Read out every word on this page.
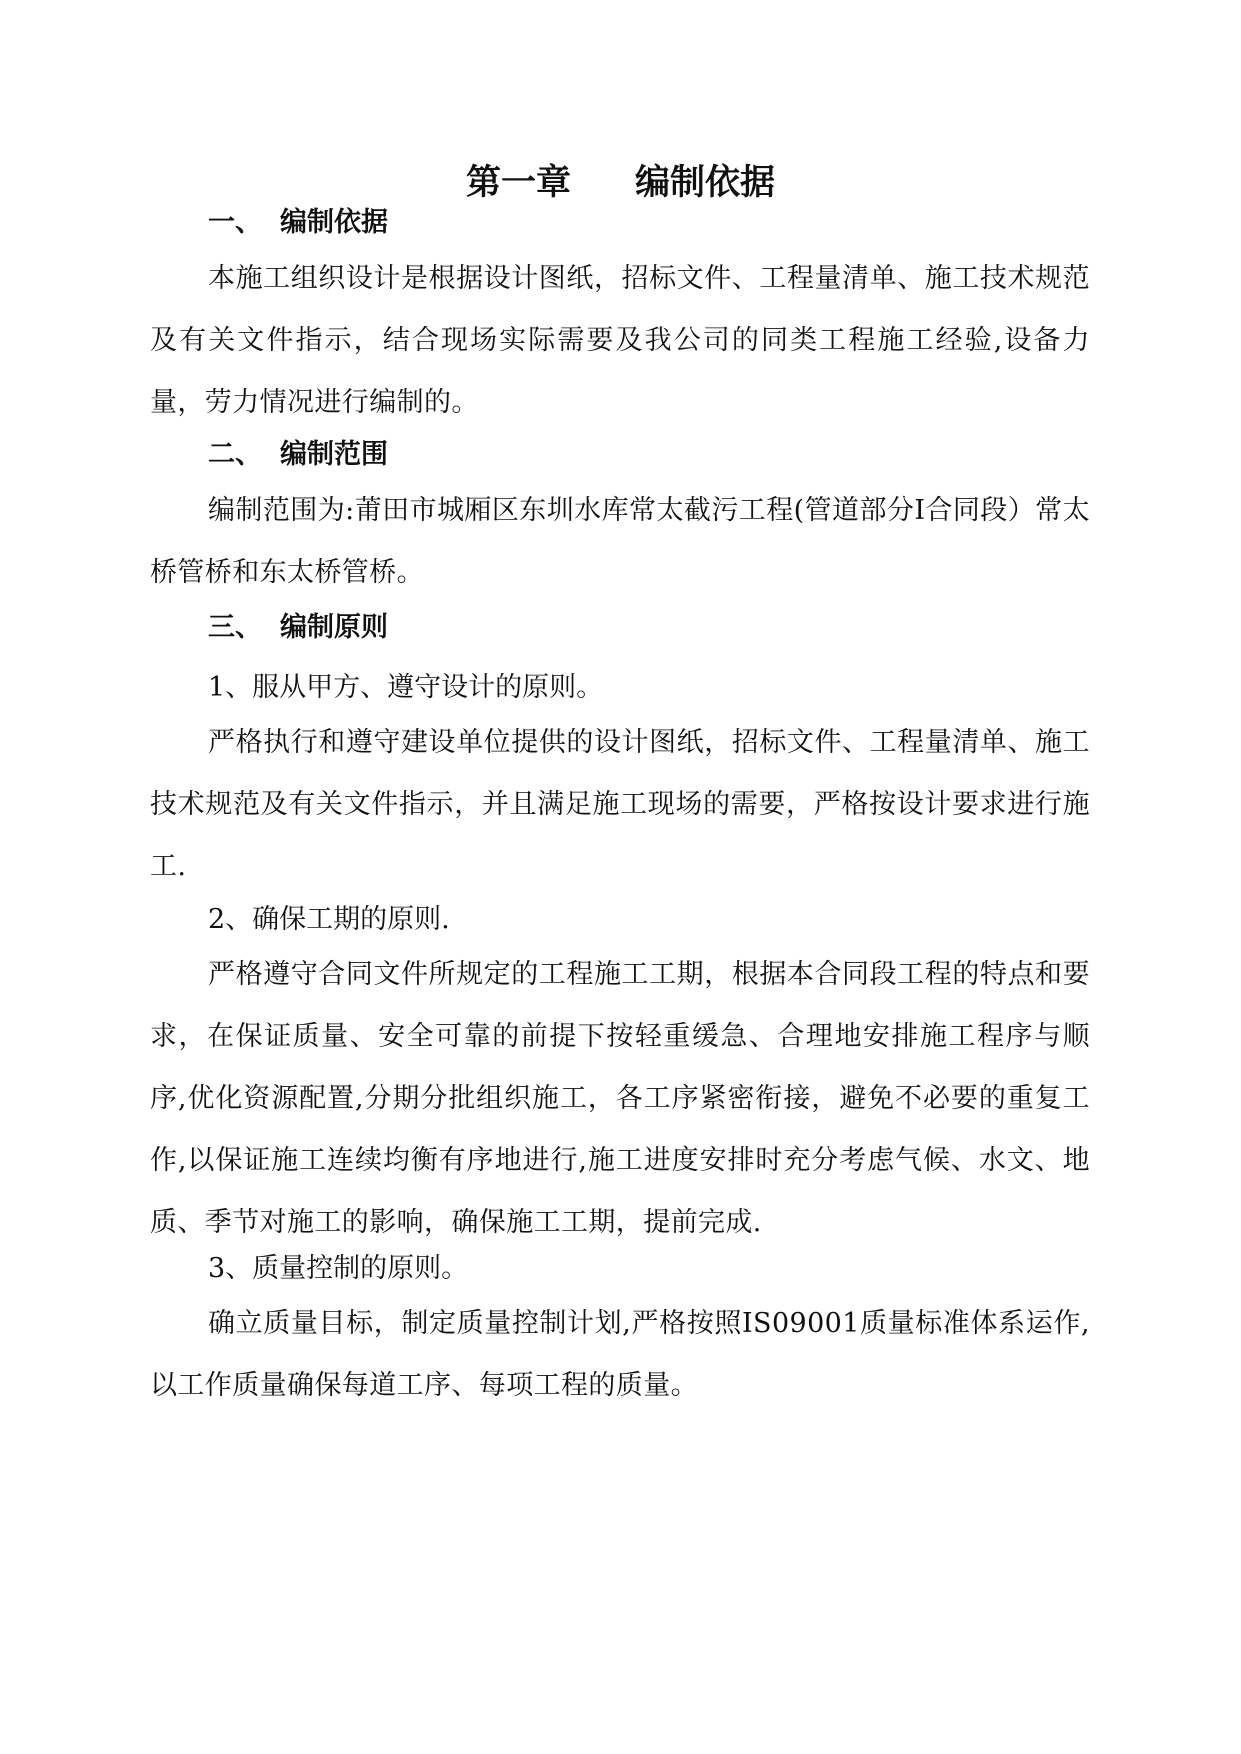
第一章 编制依据
一、 编制依据

本施工组织设计是根据设计图纸，招标文件、工程量清单、施工技术规范及有关文件指示，结合现场实际需要及我公司的同类工程施工经验,设备力量，劳力情况进行编制的。

二、 编制范围

编制范围为:莆田市城厢区东圳水库常太截污工程(管道部分Ⅰ合同段）常太桥管桥和东太桥管桥。

三、 编制原则
1、服从甲方、遵守设计的原则。

严格执行和遵守建设单位提供的设计图纸，招标文件、工程量清单、施工技术规范及有关文件指示，并且满足施工现场的需要，严格按设计要求进行施工.

2、确保工期的原则.

严格遵守合同文件所规定的工程施工工期，根据本合同段工程的特点和要求，在保证质量、安全可靠的前提下按轻重缓急、合理地安排施工程序与顺序,优化资源配置,分期分批组织施工，各工序紧密衔接，避免不必要的重复工作,以保证施工连续均衡有序地进行,施工进度安排时充分考虑气候、水文、地质、季节对施工的影响，确保施工工期，提前完成.

3、质量控制的原则。

确立质量目标，制定质量控制计划,严格按照IS09001质量标准体系运作,以工作质量确保每道工序、每项工程的质量。
